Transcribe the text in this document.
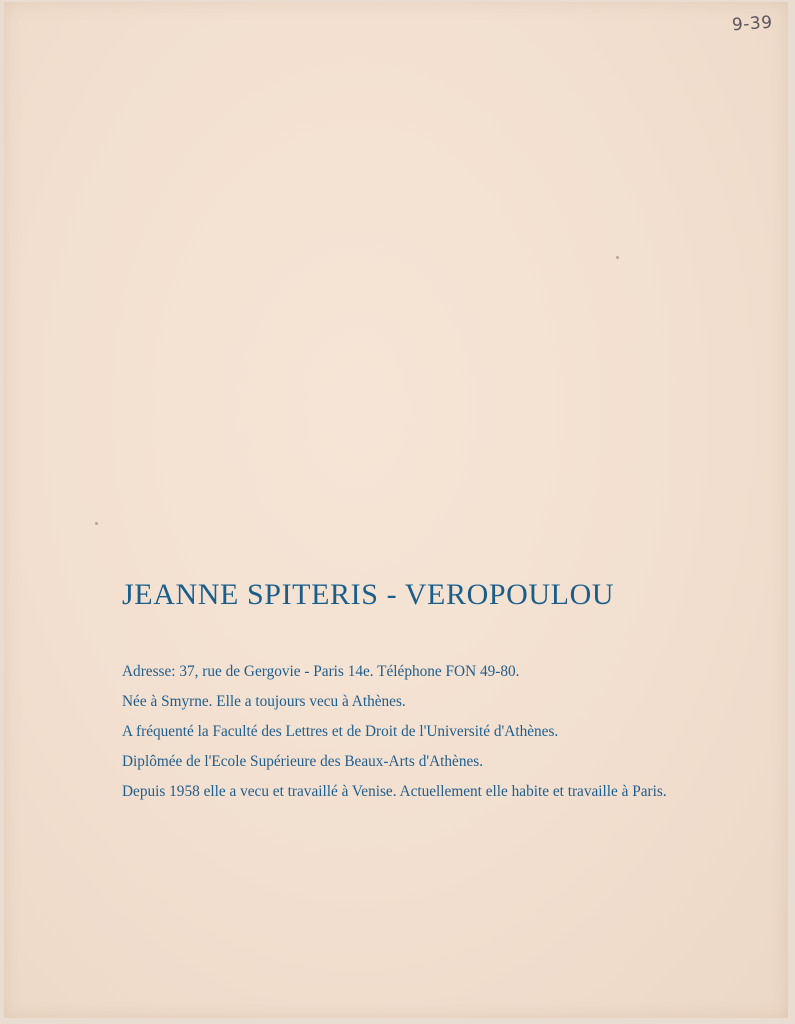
9-39
JEANNE SPITERIS - VEROPOULOU

Adresse: 37, rue de Gergovie - Paris 14e. Téléphone FON 49-80.

Née à Smyrne. Elle a toujours vecu à Athènes.

A fréquenté la Faculté des Lettres et de Droit de l'Université d'Athènes.

Diplômée de l'Ecole Supérieure des Beaux-Arts d'Athènes.

Depuis 1958 elle a vecu et travaillé à Venise. Actuellement elle habite et travaille à Paris.
